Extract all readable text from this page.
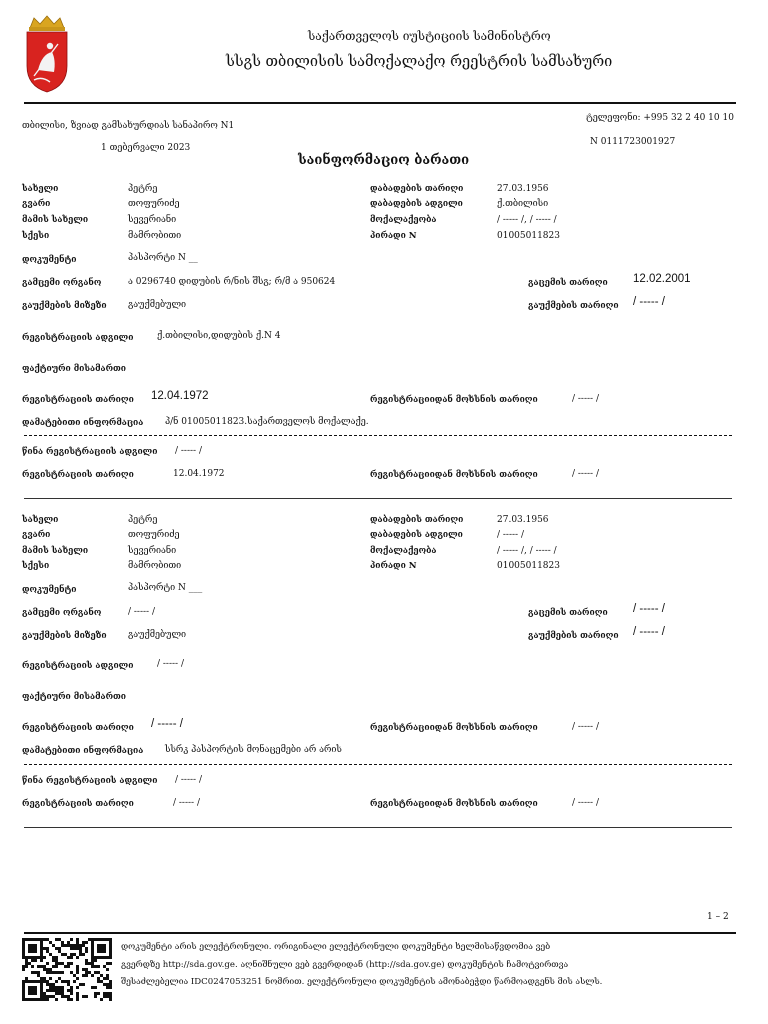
საქართველოს იუსტიციის სამინისტრო
სსგს თბილისის სამოქალაქო რეესტრის სამსახური
თბილისი, ზვიად გამსახურდიას სანაპირო N1
ტელეფონი: +995 32 2 40 10 10
N 0111723001927
1 თებერვალი 2023
საინფორმაციო ბარათი
სახელი	პეტრე
გვარი	თოფურიძე
მამის სახელი	სევერიანი
სქესი	მამრობითი
დაბადების თარიღი	27.03.1956
დაბადების ადგილი	ქ.თბილისი
მოქალაქეობა	/ ----- /, / ----- /
პირადი N	01005011823
დოკუმენტი	პასპორტი N __
გამცემი ორგანო	ა 0296740 დიდუბის რ/ნის შსგ; რ/მ ა 950624	გაცემის თარიღი 12.02.2001
გაუქმების მიზეზი გაუქმებული	გაუქმების თარიღი / ----- /
რეგისტრაციის ადგილი	ქ.თბილისი,დიდუბის ქ.N 4
ფაქტიური მისამართი
რეგისტრაციის თარიღი 12.04.1972	რეგისტრაციიდან მოხსნის თარიღი	/ ----- /
დამატებითი ინფორმაცია პ/ნ 01005011823.საქართველოს მოქალაქე.
წინა რეგისტრაციის ადგილი / ----- /
რეგისტრაციის თარიღი	12.04.1972	რეგისტრაციიდან მოხსნის თარიღი	/ ----- /
სახელი	პეტრე
გვარი	თოფურიძე
მამის სახელი	სევერიანი
სქესი	მამრობითი
დაბადების თარიღი	27.03.1956
დაბადების ადგილი	/ ----- /
მოქალაქეობა	/ ----- /, / ----- /
პირადი N	01005011823
დოკუმენტი	პასპორტი N ___
გამცემი ორგანო	/ ----- /	გაცემის თარიღი / ----- /
გაუქმების მიზეზი გაუქმებული	გაუქმების თარიღი / ----- /
რეგისტრაციის ადგილი	/ ----- /
ფაქტიური მისამართი
რეგისტრაციის თარიღი / ----- /	რეგისტრაციიდან მოხსნის თარიღი	/ ----- /
დამატებითი ინფორმაცია სსრკ პასპორტის მონაცემები არ არის
წინა რეგისტრაციის ადგილი / ----- /
რეგისტრაციის თარიღი	/ ----- /	რეგისტრაციიდან მოხსნის თარიღი	/ ----- /
1 – 2
დოკუმენტი არის ელექტრონული. ორიგინალი ელექტრონული დოკუმენტი ხელმისაწვდომია ვებ
გვერდზე http://sda.gov.ge. აღნიშნული ვებ გვერდიდან (http://sda.gov.ge) დოკუმენტის ჩამოტვირთვა
შესაძლებელია IDC0247053251 ნომრით. ელექტრონული დოკუმენტის ამონაბეჭდი წარმოადგენს მის ასლს.
